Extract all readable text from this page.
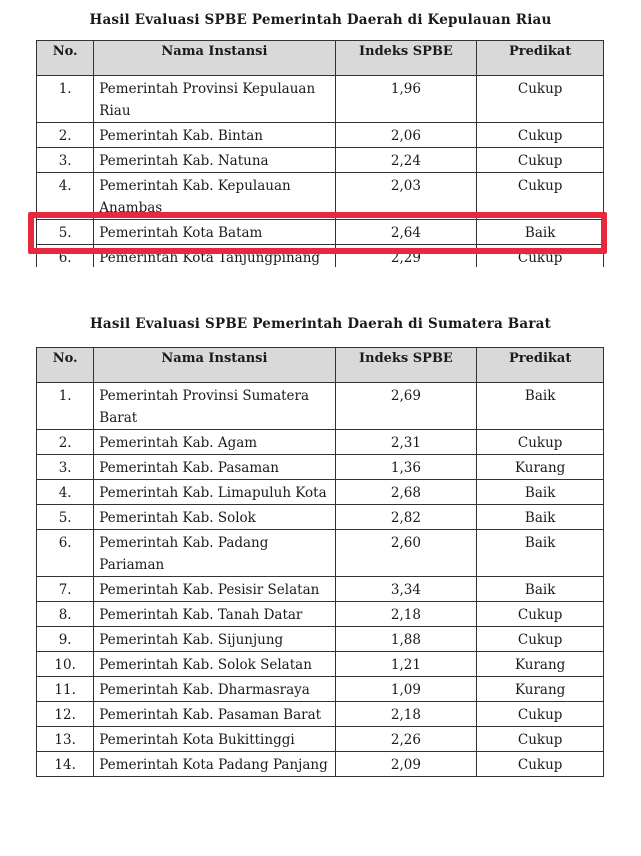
Hasil Evaluasi SPBE Pemerintah Daerah di Kepulauan Riau
No.	Nama Instansi	Indeks SPBE	Predikat
1.	Pemerintah Provinsi Kepulauan Riau	1,96	Cukup
2.	Pemerintah Kab. Bintan	2,06	Cukup
3.	Pemerintah Kab. Natuna	2,24	Cukup
4.	Pemerintah Kab. Kepulauan Anambas	2,03	Cukup
5.	Pemerintah Kota Batam	2,64	Baik
6.	Pemerintah Kota Tanjungpinang	2,29	Cukup
Hasil Evaluasi SPBE Pemerintah Daerah di Sumatera Barat
No.	Nama Instansi	Indeks SPBE	Predikat
1.	Pemerintah Provinsi Sumatera Barat	2,69	Baik
2.	Pemerintah Kab. Agam	2,31	Cukup
3.	Pemerintah Kab. Pasaman	1,36	Kurang
4.	Pemerintah Kab. Limapuluh Kota	2,68	Baik
5.	Pemerintah Kab. Solok	2,82	Baik
6.	Pemerintah Kab. Padang Pariaman	2,60	Baik
7.	Pemerintah Kab. Pesisir Selatan	3,34	Baik
8.	Pemerintah Kab. Tanah Datar	2,18	Cukup
9.	Pemerintah Kab. Sijunjung	1,88	Cukup
10.	Pemerintah Kab. Solok Selatan	1,21	Kurang
11.	Pemerintah Kab. Dharmasraya	1,09	Kurang
12.	Pemerintah Kab. Pasaman Barat	2,18	Cukup
13.	Pemerintah Kota Bukittinggi	2,26	Cukup
14.	Pemerintah Kota Padang Panjang	2,09	Cukup
